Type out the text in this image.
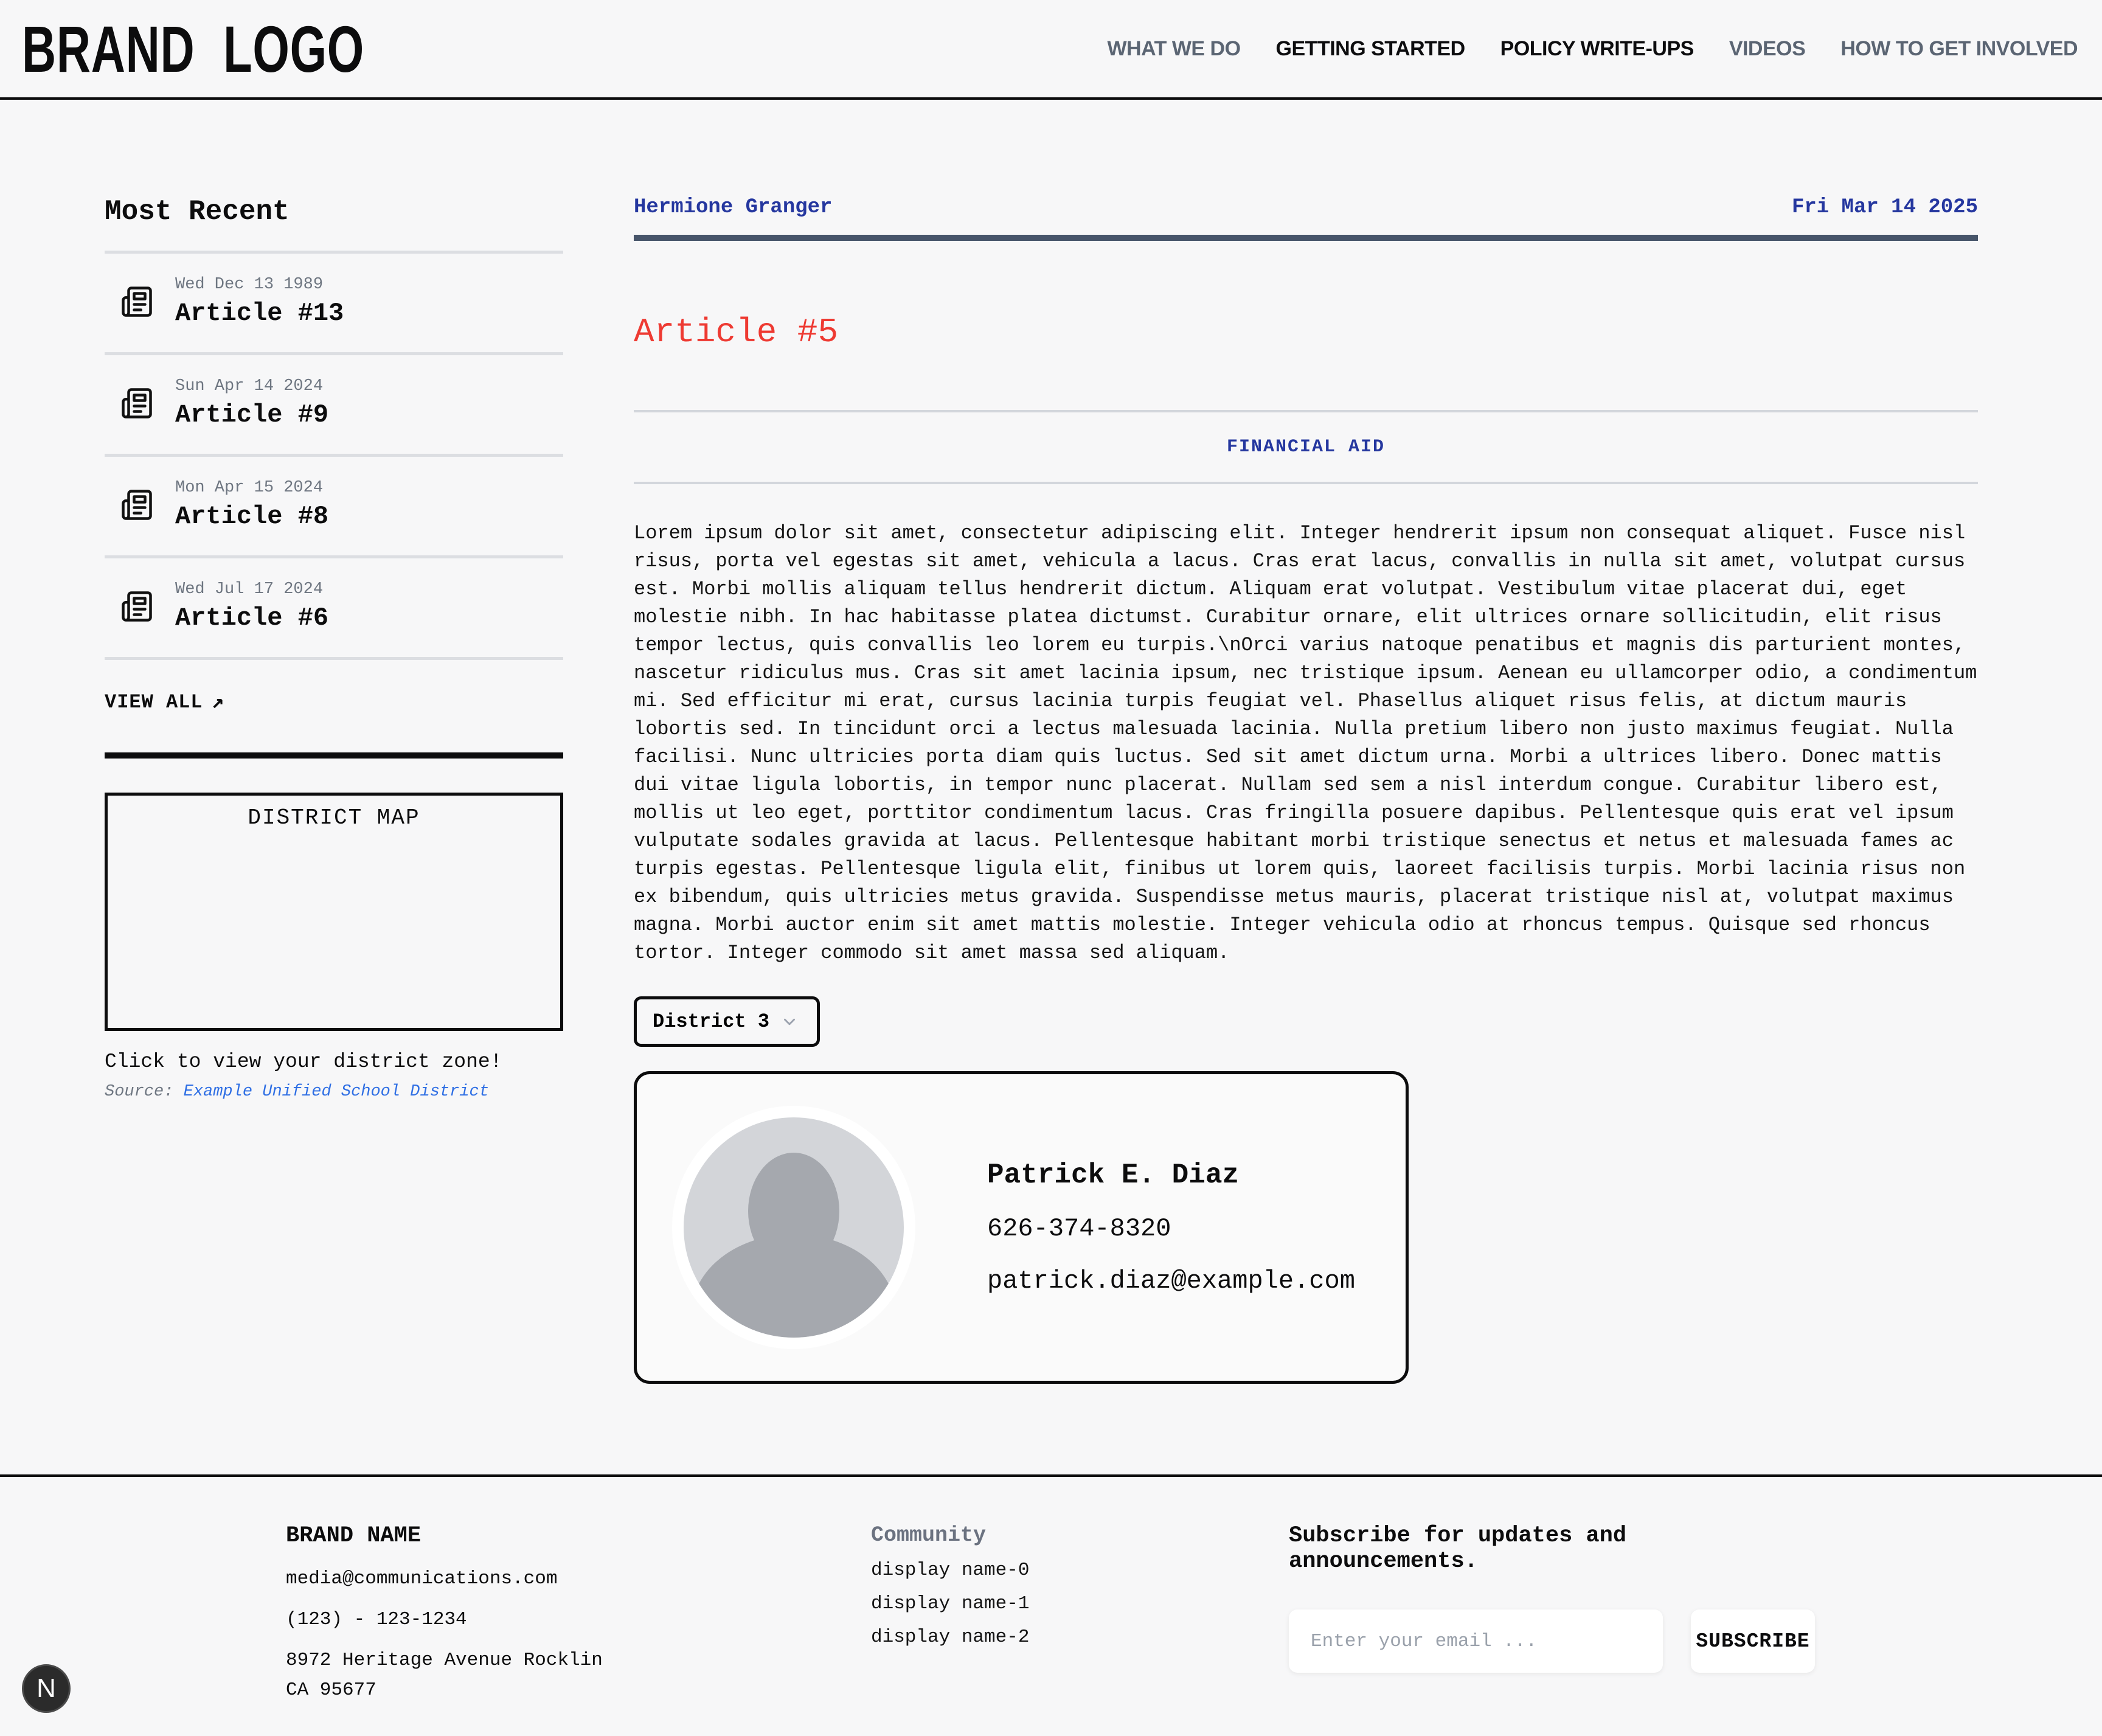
BRAND LOGO	WHAT WE DO GETTING STARTED POLICY WRITE-UPS VIDEOS HOW TO GET INVOLVED
Most Recent
Wed Dec 13 1989
Article #13
Sun Apr 14 2024
Article #9
Mon Apr 15 2024
Article #8
Wed Jul 17 2024
Article #6
VIEW ALL ↗
DISTRICT MAP

Click to view your district zone!

Source: Example Unified School District

Hermione Granger	Fri Mar 14 2025
Article #5
FINANCIAL AID

Lorem ipsum dolor sit amet, consectetur adipiscing elit. Integer hendrerit ipsum non consequat aliquet. Fusce nisl risus, porta vel egestas sit amet, vehicula a lacus. Cras erat lacus, convallis in nulla sit amet, volutpat cursus est. Morbi mollis aliquam tellus hendrerit dictum. Aliquam erat volutpat. Vestibulum vitae placerat dui, eget molestie nibh. In hac habitasse platea dictumst. Curabitur ornare, elit ultrices ornare sollicitudin, elit risus tempor lectus, quis convallis leo lorem eu turpis.\nOrci varius natoque penatibus et magnis dis parturient montes, nascetur ridiculus mus. Cras sit amet lacinia ipsum, nec tristique ipsum. Aenean eu ullamcorper odio, a condimentum mi. Sed efficitur mi erat, cursus lacinia turpis feugiat vel. Phasellus aliquet risus felis, at dictum mauris lobortis sed. In tincidunt orci a lectus malesuada lacinia. Nulla pretium libero non justo maximus feugiat. Nulla facilisi. Nunc ultricies porta diam quis luctus. Sed sit amet dictum urna. Morbi a ultrices libero. Donec mattis dui vitae ligula lobortis, in tempor nunc placerat. Nullam sed sem a nisl interdum congue. Curabitur libero est, mollis ut leo eget, porttitor condimentum lacus. Cras fringilla posuere dapibus. Pellentesque quis erat vel ipsum vulputate sodales gravida at lacus. Pellentesque habitant morbi tristique senectus et netus et malesuada fames ac turpis egestas. Pellentesque ligula elit, finibus ut lorem quis, laoreet facilisis turpis. Morbi lacinia risus non ex bibendum, quis ultricies metus gravida. Suspendisse metus mauris, placerat tristique nisl at, volutpat maximus magna. Morbi auctor enim sit amet mattis molestie. Integer vehicula odio at rhoncus tempus. Quisque sed rhoncus tortor. Integer commodo sit amet massa sed aliquam.

District 3
Patrick E. Diaz

626-374-8320

patrick.diaz@example.com

BRAND NAME

media@communications.com

(123) - 123-1234

8972 Heritage Avenue Rocklin

CA 95677

Community
display name-0
display name-1
display name-2
Subscribe for updates and announcements.
Enter your email ...
SUBSCRIBE
N
